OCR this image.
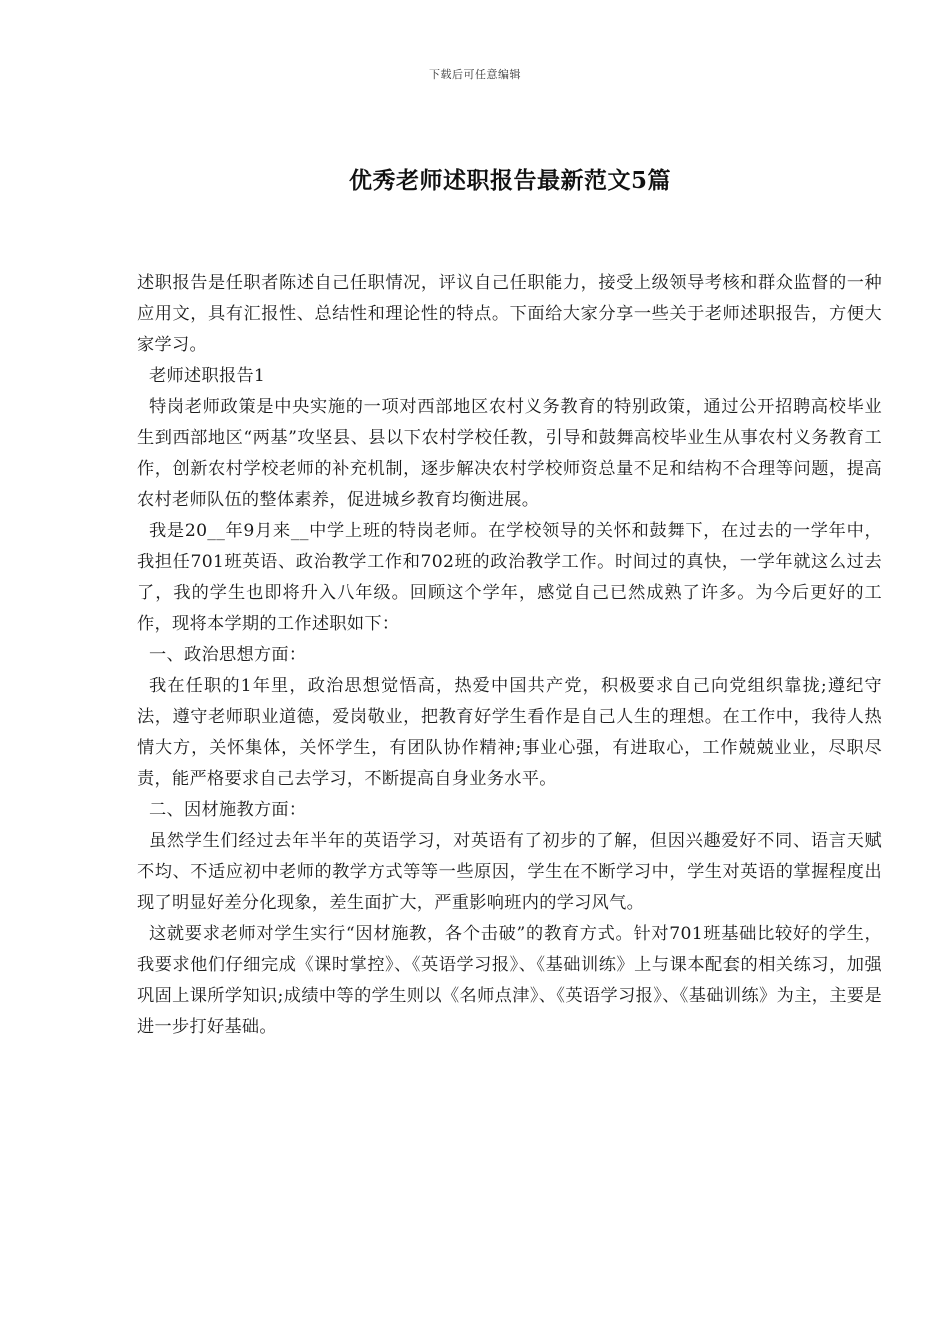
下载后可任意编辑
优秀老师述职报告最新范文5篇

述职报告是任职者陈述自己任职情况，评议自己任职能力，接受上级领导考核和群众监督的一种应用文，具有汇报性、总结性和理论性的特点。下面给大家分享一些关于老师述职报告，方便大家学习。

老师述职报告1

特岗老师政策是中央实施的一项对西部地区农村义务教育的特别政策，通过公开招聘高校毕业生到西部地区“两基”攻坚县、县以下农村学校任教，引导和鼓舞高校毕业生从事农村义务教育工作，创新农村学校老师的补充机制，逐步解决农村学校师资总量不足和结构不合理等问题，提高农村老师队伍的整体素养，促进城乡教育均衡进展。

我是20__年9月来__中学上班的特岗老师。在学校领导的关怀和鼓舞下，在过去的一学年中，我担任701班英语、政治教学工作和702班的政治教学工作。时间过的真快，一学年就这么过去了，我的学生也即将升入八年级。回顾这个学年，感觉自己已然成熟了许多。为今后更好的工作，现将本学期的工作述职如下：

一、政治思想方面：

我在任职的1年里，政治思想觉悟高，热爱中国共产党，积极要求自己向党组织靠拢;遵纪守法，遵守老师职业道德，爱岗敬业，把教育好学生看作是自己人生的理想。在工作中，我待人热情大方，关怀集体，关怀学生，有团队协作精神;事业心强，有进取心，工作兢兢业业，尽职尽责，能严格要求自己去学习，不断提高自身业务水平。

二、因材施教方面：

虽然学生们经过去年半年的英语学习，对英语有了初步的了解，但因兴趣爱好不同、语言天赋不均、不适应初中老师的教学方式等等一些原因，学生在不断学习中，学生对英语的掌握程度出现了明显好差分化现象，差生面扩大，严重影响班内的学习风气。

这就要求老师对学生实行“因材施教，各个击破”的教育方式。针对701班基础比较好的学生，我要求他们仔细完成《课时掌控》、《英语学习报》、《基础训练》上与课本配套的相关练习，加强巩固上课所学知识;成绩中等的学生则以《名师点津》、《英语学习报》、《基础训练》为主，主要是进一步打好基础。
